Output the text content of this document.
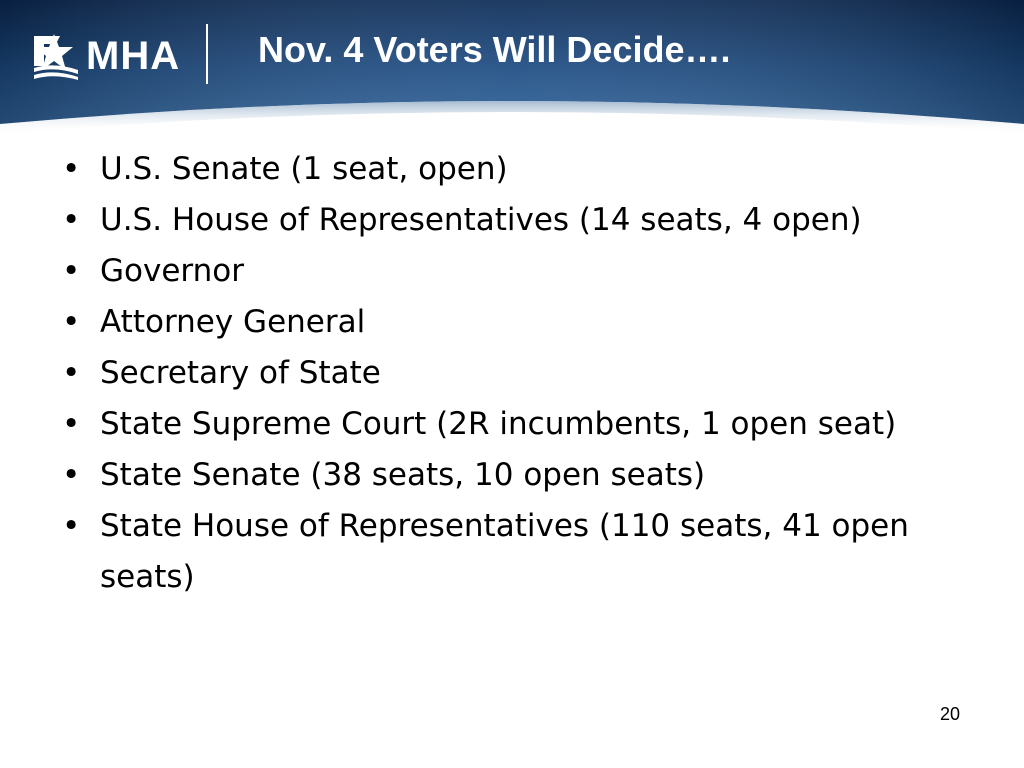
MHA Nov. 4 Voters Will Decide….
• U.S. Senate (1 seat, open)
• U.S. House of Representatives (14 seats, 4 open)
• Governor
• Attorney General
• Secretary of State
• State Supreme Court (2R incumbents, 1 open seat)
• State Senate (38 seats, 10 open seats)
• State House of Representatives (110 seats, 41 open seats)
20
